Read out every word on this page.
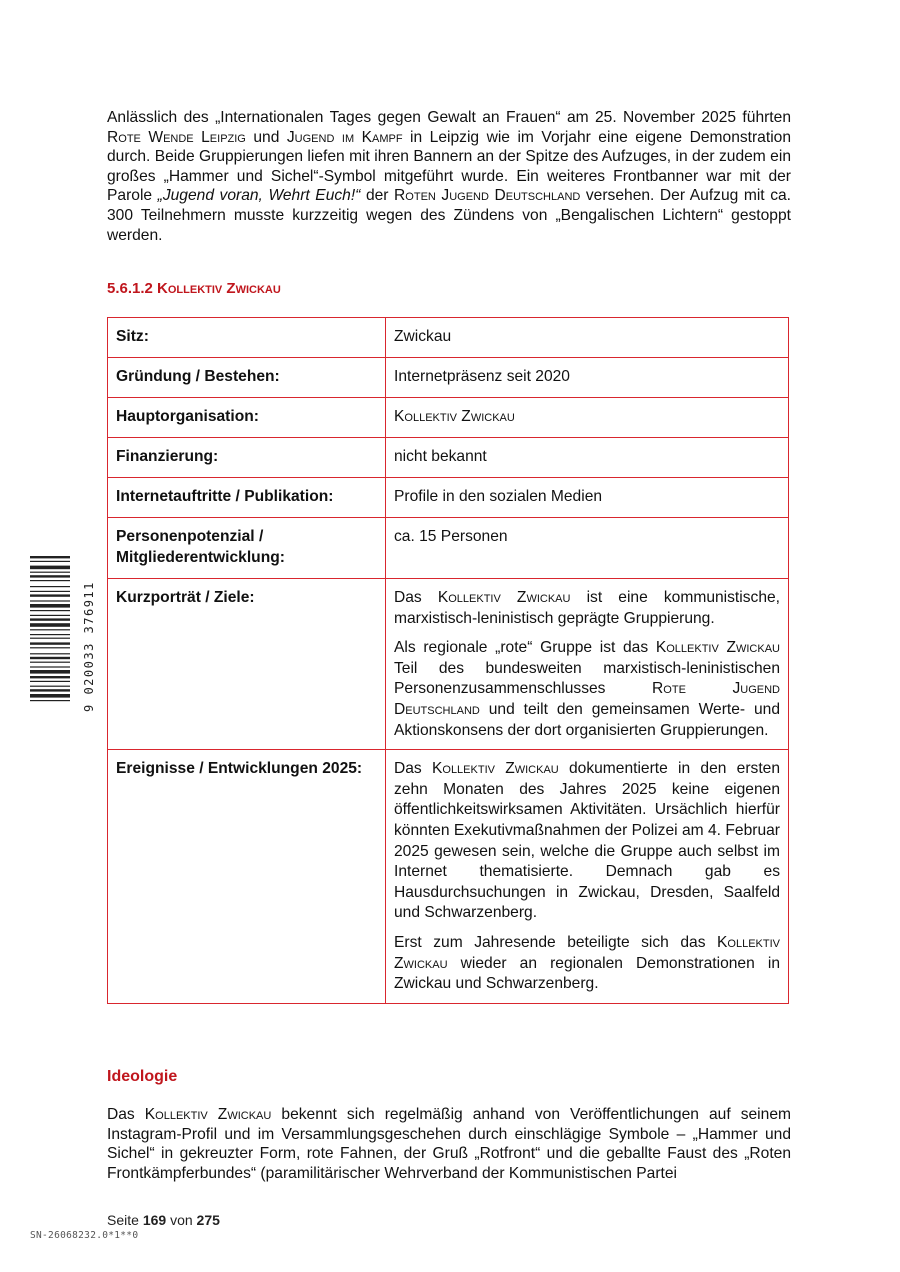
Anlässlich des „Internationalen Tages gegen Gewalt an Frauen“ am 25. November 2025 führten Rote Wende Leipzig und Jugend im Kampf in Leipzig wie im Vorjahr eine eigene Demonstration durch. Beide Gruppierungen liefen mit ihren Bannern an der Spitze des Aufzuges, in der zudem ein großes „Hammer und Sichel“-Symbol mitgeführt wurde. Ein weiteres Frontbanner war mit der Parole „Jugend voran, Wehrt Euch!“ der Roten Jugend Deutschland versehen. Der Aufzug mit ca. 300 Teilnehmern musste kurzzeitig wegen des Zündens von „Bengalischen Lichtern“ gestoppt werden.

5.6.1.2 Kollektiv Zwickau
Sitz:	Zwickau
Gründung / Bestehen:	Internetpräsenz seit 2020
Hauptorganisation:	Kollektiv Zwickau
Finanzierung:	nicht bekannt
Internetauftritte / Publikation:	Profile in den sozialen Medien
Personenpotenzial / Mitgliederentwicklung:	ca. 15 Personen
Kurzporträt / Ziele:	Das Kollektiv Zwickau ist eine kommunistische, marxistisch-leninistisch geprägte Gruppierung.

Als regionale „rote“ Gruppe ist das Kollektiv Zwickau Teil des bundesweiten marxistisch-leninistischen Personenzusammenschlusses Rote Jugend Deutschland und teilt den gemeinsamen Werte- und Aktionskonsens der dort organisierten Gruppierungen.

Ereignisse / Entwicklungen 2025:	Das Kollektiv Zwickau dokumentierte in den ersten zehn Monaten des Jahres 2025 keine eigenen öffentlichkeitswirksamen Aktivitäten. Ursächlich hierfür könnten Exekutivmaßnahmen der Polizei am 4. Februar 2025 gewesen sein, welche die Gruppe auch selbst im Internet thematisierte. Demnach gab es Hausdurchsuchungen in Zwickau, Dresden, Saalfeld und Schwarzenberg.

Erst zum Jahresende beteiligte sich das Kollektiv Zwickau wieder an regionalen Demonstrationen in Zwickau und Schwarzenberg.

Ideologie

Das Kollektiv Zwickau bekennt sich regelmäßig anhand von Veröffentlichungen auf seinem Instagram-Profil und im Versammlungsgeschehen durch einschlägige Symbole – „Hammer und Sichel“ in gekreuzter Form, rote Fahnen, der Gruß „Rotfront“ und die geballte Faust des „Roten Frontkämpferbundes“ (paramilitärischer Wehrverband der Kommunistischen Partei

Seite 169 von 275
SN-26068232.0*1**0
9 020033 376911
